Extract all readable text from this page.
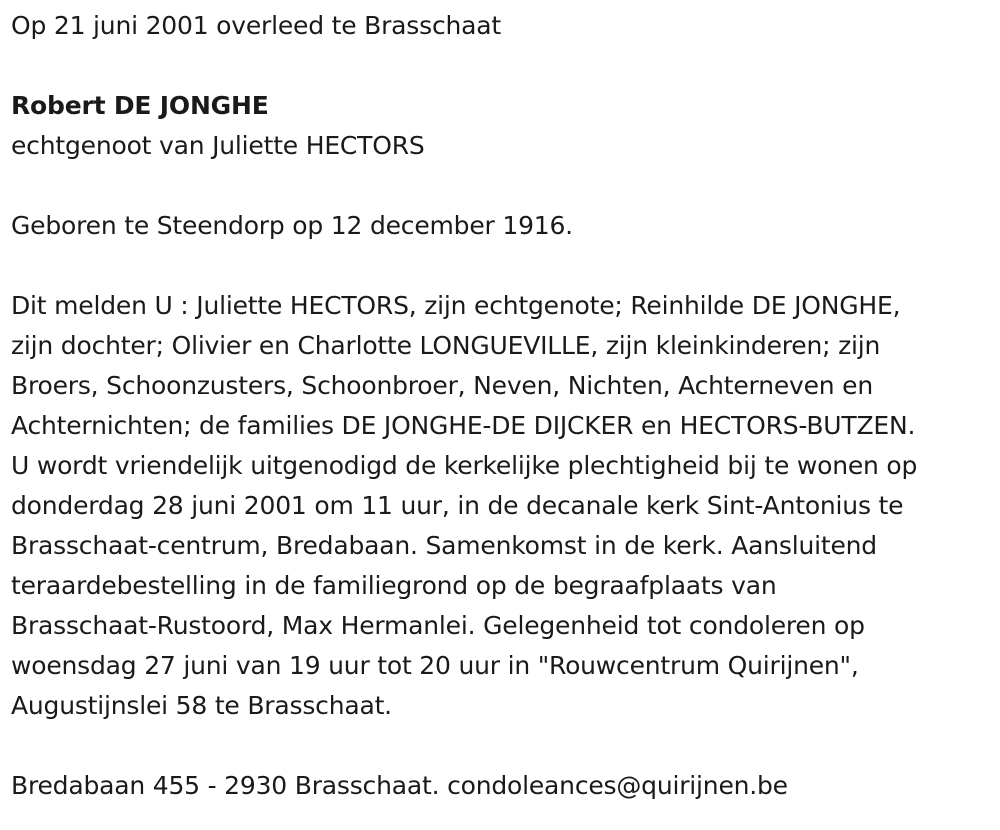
Op 21 juni 2001 overleed te Brasschaat

Robert DE JONGHE

echtgenoot van Juliette HECTORS

Geboren te Steendorp op 12 december 1916.

Dit melden U : Juliette HECTORS, zijn echtgenote; Reinhilde DE JONGHE,

zijn dochter; Olivier en Charlotte LONGUEVILLE, zijn kleinkinderen; zijn

Broers, Schoonzusters, Schoonbroer, Neven, Nichten, Achterneven en

Achternichten; de families DE JONGHE-DE DIJCKER en HECTORS-BUTZEN.

U wordt vriendelijk uitgenodigd de kerkelijke plechtigheid bij te wonen op

donderdag 28 juni 2001 om 11 uur, in de decanale kerk Sint-Antonius te

Brasschaat-centrum, Bredabaan. Samenkomst in de kerk. Aansluitend

teraardebestelling in de familiegrond op de begraafplaats van

Brasschaat-Rustoord, Max Hermanlei. Gelegenheid tot condoleren op

woensdag 27 juni van 19 uur tot 20 uur in "Rouwcentrum Quirijnen",

Augustijnslei 58 te Brasschaat.

Bredabaan 455 - 2930 Brasschaat. condoleances@quirijnen.be
